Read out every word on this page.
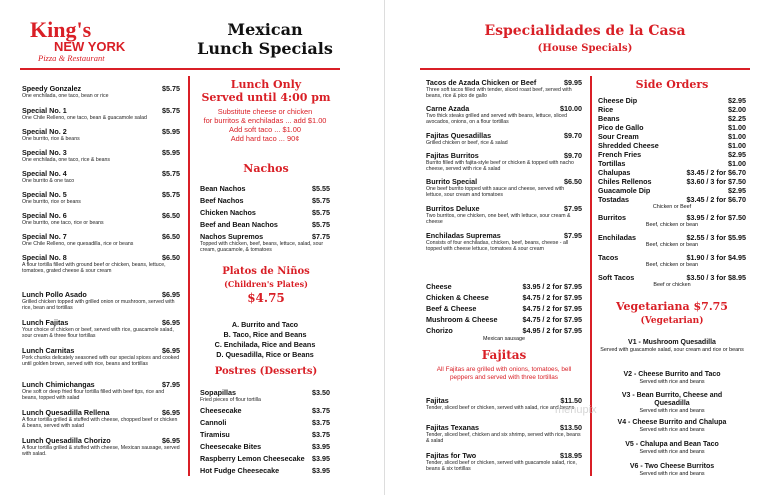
King's
NEW YORK
Pizza & Restaurant
Mexican
Lunch Specials
Speedy Gonzalez	$5.75
One enchilada, one taco, bean or rice
Special No. 1	$5.75
One Chile Relleno, one taco, bean & guacamole salad
Special No. 2	$5.95
One burrito, rice & beans
Special No. 3	$5.95
One enchilada, one taco, rice & beans
Special No. 4	$5.75
One burrito & one taco
Special No. 5	$5.75
One burrito, rice or beans
Special No. 6	$6.50
One burrito, one taco, rice or beans
Special No. 7	$6.50
One Chile Relleno, one quesadilla, rice or beans
Special No. 8	$6.50
A flour tortilla filled with ground beef or chicken, beans, lettuce, tomatoes, grated cheese & sour cream
Lunch Pollo Asado	$6.95
Grilled chicken topped with grilled onion or mushroom, served with rice, bean and tortillas
Lunch Fajitas	$6.95
Your choice of chicken or beef, served with rice, guacamole salad, sour cream & three flour tortillas
Lunch Carnitas	$6.95
Pork chunks delicately seasoned with our special spices and cooked until golden brown, served with rice, beans and tortillas
Lunch Chimichangas	$7.95
One soft or deep fried flour tortilla filled with beef tips, rice and beans, topped with salad
Lunch Quesadilla Rellena	$6.95
A flour tortilla grilled & stuffed with cheese, chopped beef or chicken & beans, served with salad
Lunch Quesadilla Chorizo	$6.95
A flour tortilla grilled & stuffed with cheese, Mexican sausage, served with salad.
Lunch Only
Served until 4:00 pm
Substitute cheese or chicken
for burritos & enchiladas ... add $1.00
Add soft taco ... $1.00
Add hard taco ... 90¢
Nachos
Bean Nachos	$5.55
Beef Nachos	$5.75
Chicken Nachos	$5.75
Beef and Bean Nachos	$5.75
Nachos Supremos	$7.75
Topped with chicken, beef, beans, lettuce, salad, sour cream, guacamole, & tomatoes
Platos de Niños
(Children's Plates)
$4.75
A. Burrito and Taco
B. Taco, Rice and Beans
C. Enchilada, Rice and Beans
D. Quesadilla, Rice or Beans
Postres (Desserts)
Sopapillas	$3.50
Fried pieces of flour tortilla
Cheesecake	$3.75
Cannoli	$3.75
Tiramisu	$3.75
Cheesecake Bites	$3.95
Raspberry Lemon Cheesecake $3.95
Hot Fudge Cheesecake	$3.95
Especialidades de la Casa
(House Specials)
Tacos de Azada Chicken or Beef	$9.95
Three soft tacos filled with tender, sliced roast beef, served with beans, rice & pico de gallo
Carne Azada	$10.00
Two thick steaks grilled and served with beans, lettuce, sliced avocados, onions, on a flour tortillas
Fajitas Quesadillas	$9.70
Grilled chicken or beef, rice & salad
Fajitas Burritos	$9.70
Burrito filled with fajita-style beef or chicken & topped with nacho cheese, served with rice & salad
Burrito Special	$6.50
One beef burrito topped with sauce and cheese, served with lettuce, sour cream and tomatoes
Burritos Deluxe	$7.95
Two burritos, one chicken, one beef, with lettuce, sour cream & cheese
Enchiladas Supremas	$7.95
Consists of four enchiladas, chicken, beef, beans, cheese - all topped with cheese lettuce, tomatoes & sour cream
Cheese	$3.95 / 2 for $7.95
Chicken & Cheese	$4.75 / 2 for $7.95
Beef & Cheese	$4.75 / 2 for $7.95
Mushroom & Cheese	$4.75 / 2 for $7.95
Chorizo	$4.95 / 2 for $7.95
Mexican sausage
Fajitas
All Fajitas are grilled with onions, tomatoes, bell peppers and served with three tortillas
Fajitas	$11.50
Tender, sliced beef or chicken, served with salad, rice and beans
Fajitas Texanas	$13.50
Tender, sliced beef, chicken and six shrimp, served with rice, beans & salad
Fajitas for Two	$18.95
Tender, sliced beef or chicken, served with guacamole salad, rice, beans & six tortillas
Side Orders
Cheese Dip	$2.95
Rice	$2.00
Beans	$2.25
Pico de Gallo	$1.00
Sour Cream	$1.00
Shredded Cheese	$1.00
French Fries	$2.95
Tortillas	$1.00
Chalupas	$3.45 / 2 for $6.70
Chiles Rellenos	$3.60 / 3 for $7.50
Guacamole Dip	$2.95
Tostadas	$3.45 / 2 for $6.70
Chicken or Beef
Burritos	$3.95 / 2 for $7.50
Beef, chicken or bean
Enchiladas	$2.55 / 3 for $5.95
Beef, chicken or bean
Tacos	$1.90 / 3 for $4.95
Beef, chicken or bean
Soft Tacos	$3.50 / 3 for $8.95
Beef or chicken
Vegetariana $7.75
(Vegetarian)
V1 - Mushroom Quesadilla
Served with guacamole salad, sour cream and rice or beans
V2 - Cheese Burrito and Taco
Served with rice and beans
V3 - Bean Burrito, Cheese and Quesadilla
Served with rice and beans
V4 - Cheese Burrito and Chalupa
Served with rice and beans
V5 - Chalupa and Bean Taco
Served with rice and beans
V6 - Two Cheese Burritos
Served with rice and beans
menupix
